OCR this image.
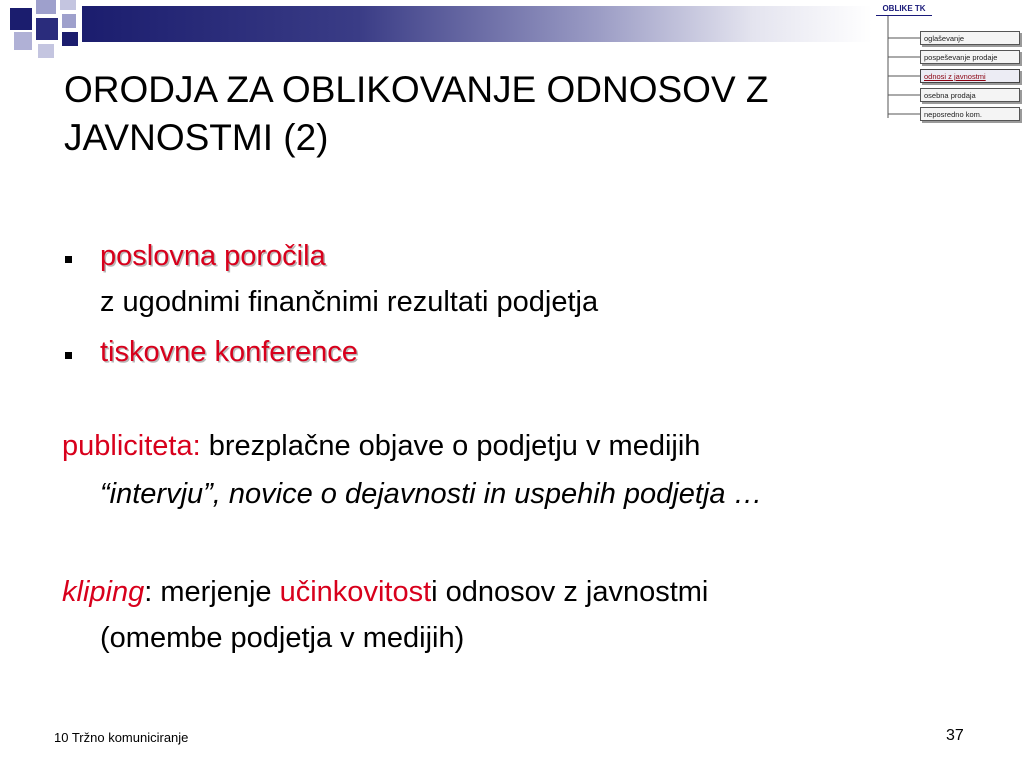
ORODJA ZA OBLIKOVANJE ODNOSOV Z
JAVNOSTMI (2)
poslovna poročila
z ugodnimi finančnimi rezultati podjetja
tiskovne konference
publiciteta: brezplačne objave o podjetju v medijih
“intervju”, novice o dejavnosti in uspehih podjetja …
kliping: merjenje učinkovitosti odnosov z javnostmi
(omembe podjetja v medijih)
OBLIKE TK
oglaševanje
pospeševanje prodaje
odnosi z javnostmi
osebna prodaja
neposredno kom.
10 Tržno komuniciranje	37
